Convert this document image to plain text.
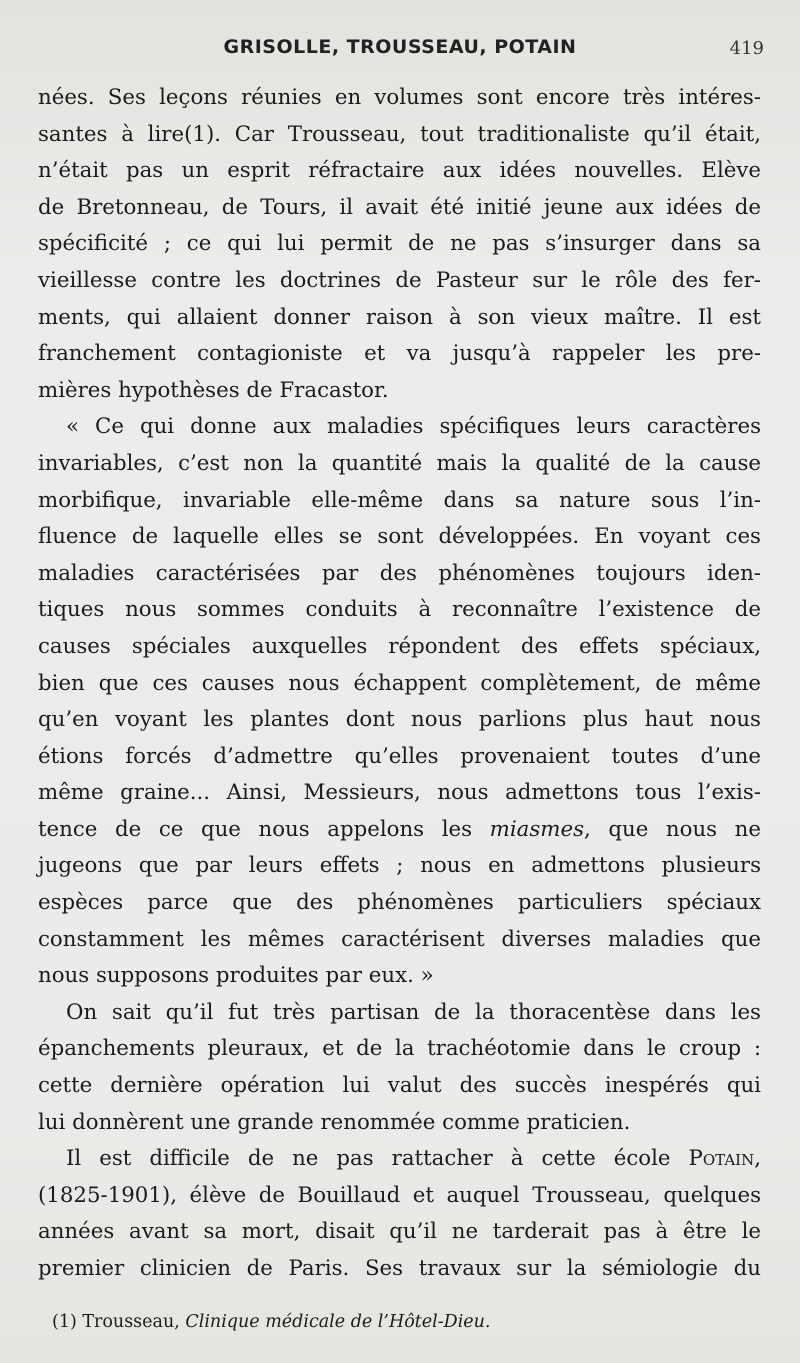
GRISOLLE, TROUSSEAU, POTAIN	419
nées. Ses leçons réunies en volumes sont encore très intéres-
santes à lire(1). Car Trousseau, tout traditionaliste qu’il était,
n’était pas un esprit réfractaire aux idées nouvelles. Elève
de Bretonneau, de Tours, il avait été initié jeune aux idées de
spécificité ; ce qui lui permit de ne pas s’insurger dans sa
vieillesse contre les doctrines de Pasteur sur le rôle des fer-
ments, qui allaient donner raison à son vieux maître. Il est
franchement contagioniste et va jusqu’à rappeler les pre-
mières hypothèses de Fracastor.
« Ce qui donne aux maladies spécifiques leurs caractères
invariables, c’est non la quantité mais la qualité de la cause
morbifique, invariable elle-même dans sa nature sous l’in-
fluence de laquelle elles se sont développées. En voyant ces
maladies caractérisées par des phénomènes toujours iden-
tiques nous sommes conduits à reconnaître l’existence de
causes spéciales auxquelles répondent des effets spéciaux,
bien que ces causes nous échappent complètement, de même
qu’en voyant les plantes dont nous parlions plus haut nous
étions forcés d’admettre qu’elles provenaient toutes d’une
même graine... Ainsi, Messieurs, nous admettons tous l’exis-
tence de ce que nous appelons les miasmes, que nous ne
jugeons que par leurs effets ; nous en admettons plusieurs
espèces parce que des phénomènes particuliers spéciaux
constamment les mêmes caractérisent diverses maladies que
nous supposons produites par eux. »
On sait qu’il fut très partisan de la thoracentèse dans les
épanchements pleuraux, et de la trachéotomie dans le croup :
cette dernière opération lui valut des succès inespérés qui
lui donnèrent une grande renommée comme praticien.
Il est difficile de ne pas rattacher à cette école Potain,
(1825-1901), élève de Bouillaud et auquel Trousseau, quelques
années avant sa mort, disait qu’il ne tarderait pas à être le
premier clinicien de Paris. Ses travaux sur la sémiologie du
(1) Trousseau, Clinique médicale de l’Hôtel-Dieu.
